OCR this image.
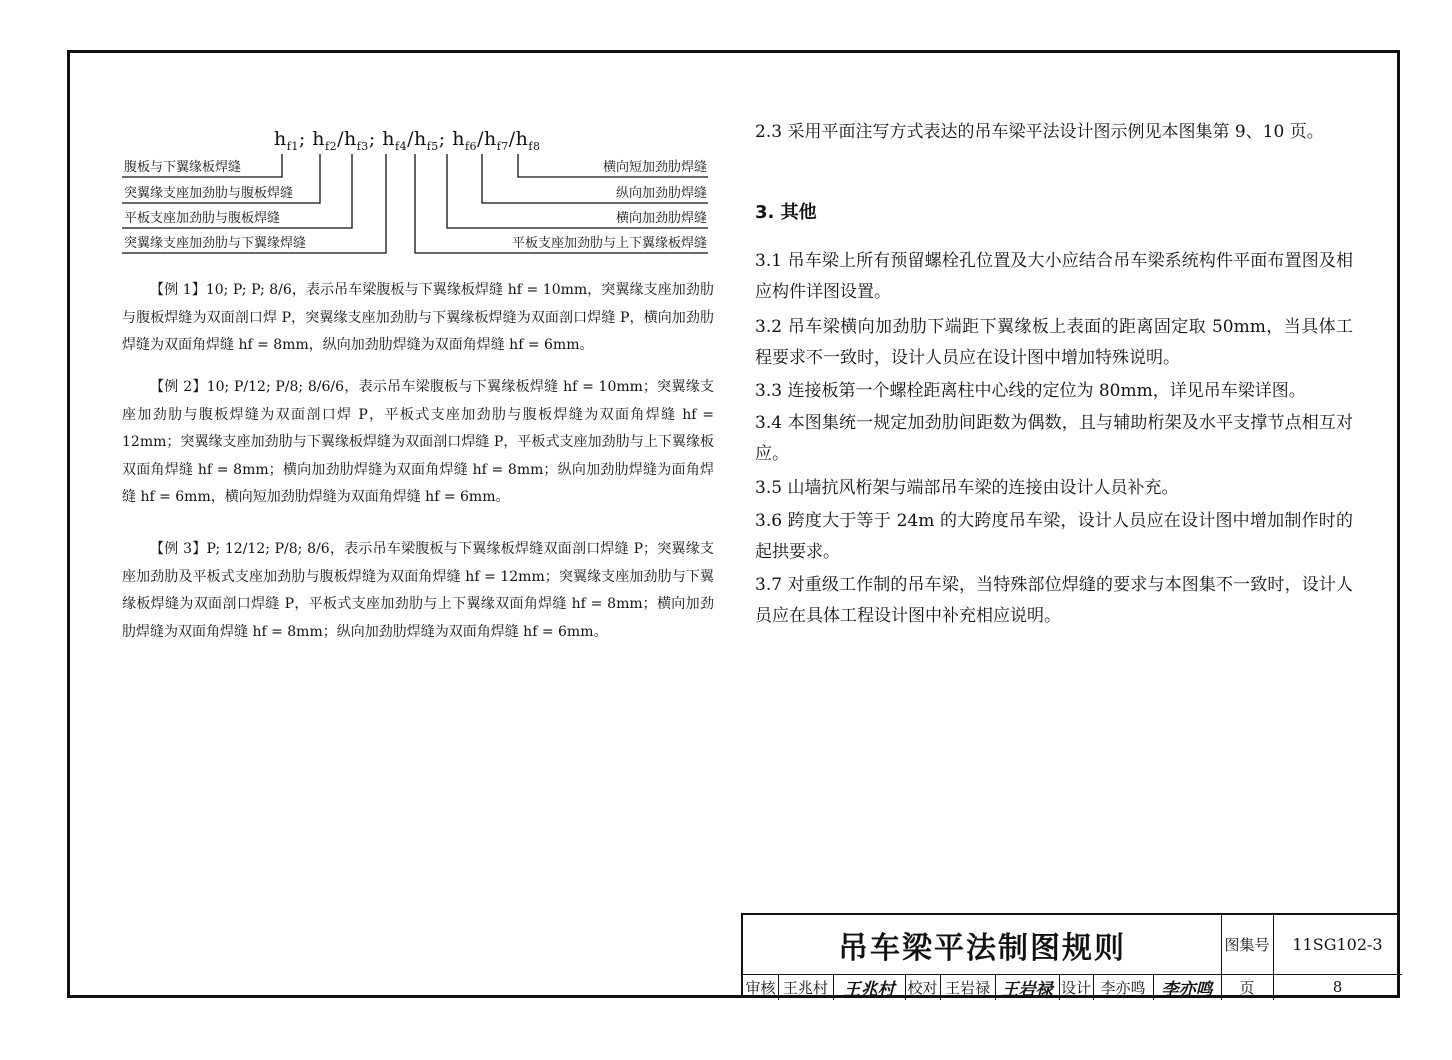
$h_{f1}$; $h_{f2}/h_{f3}$; $h_{f4}/h_{f5}$; $h_{f6}/h_{f7}/h_{f8}$
腹板与下翼缘板焊缝
突翼缘支座加劲肋与腹板焊缝
平板支座加劲肋与腹板焊缝
突翼缘支座加劲肋与下翼缘焊缝
横向短加劲肋焊缝
纵向加劲肋焊缝
横向加劲肋焊缝
平板支座加劲肋与上下翼缘板焊缝

【例 1】10; P; P; 8/6，表示吊车梁腹板与下翼缘板焊缝 hf = 10mm，突翼缘支座加劲肋与腹板焊缝为双面剖口焊 P，突翼缘支座加劲肋与下翼缘板焊缝为双面剖口焊缝 P，横向加劲肋焊缝为双面角焊缝 hf = 8mm，纵向加劲肋焊缝为双面角焊缝 hf = 6mm。

【例 2】10; P/12; P/8; 8/6/6，表示吊车梁腹板与下翼缘板焊缝 hf = 10mm；突翼缘支座加劲肋与腹板焊缝为双面剖口焊 P，平板式支座加劲肋与腹板焊缝为双面角焊缝 hf = 12mm；突翼缘支座加劲肋与下翼缘板焊缝为双面剖口焊缝 P，平板式支座加劲肋与上下翼缘板双面角焊缝 hf = 8mm；横向加劲肋焊缝为双面角焊缝 hf = 8mm；纵向加劲肋焊缝为面角焊缝 hf = 6mm，横向短加劲肋焊缝为双面角焊缝 hf = 6mm。

【例 3】P; 12/12; P/8; 8/6，表示吊车梁腹板与下翼缘板焊缝双面剖口焊缝 P；突翼缘支座加劲肋及平板式支座加劲肋与腹板焊缝为双面角焊缝 hf = 12mm；突翼缘支座加劲肋与下翼缘板焊缝为双面剖口焊缝 P，平板式支座加劲肋与上下翼缘双面角焊缝 hf = 8mm；横向加劲肋焊缝为双面角焊缝 hf = 8mm；纵向加劲肋焊缝为双面角焊缝 hf = 6mm。

2.3 采用平面注写方式表达的吊车梁平法设计图示例见本图集第 9、10 页。

3. 其他

3.1 吊车梁上所有预留螺栓孔位置及大小应结合吊车梁系统构件平面布置图及相应构件详图设置。

3.2 吊车梁横向加劲肋下端距下翼缘板上表面的距离固定取 50mm，当具体工程要求不一致时，设计人员应在设计图中增加特殊说明。

3.3 连接板第一个螺栓距离柱中心线的定位为 80mm，详见吊车梁详图。

3.4 本图集统一规定加劲肋间距数为偶数，且与辅助桁架及水平支撑节点相互对应。

3.5 山墙抗风桁架与端部吊车梁的连接由设计人员补充。

3.6 跨度大于等于 24m 的大跨度吊车梁，设计人员应在设计图中增加制作时的起拱要求。

3.7 对重级工作制的吊车梁，当特殊部位焊缝的要求与本图集不一致时，设计人员应在具体工程设计图中补充相应说明。

吊车梁平法制图规则	图集号	11SG102-3
审核 王兆村 王兆村 校对 王岩禄 王岩禄 设计 李亦鸣 李亦鸣	页	8
